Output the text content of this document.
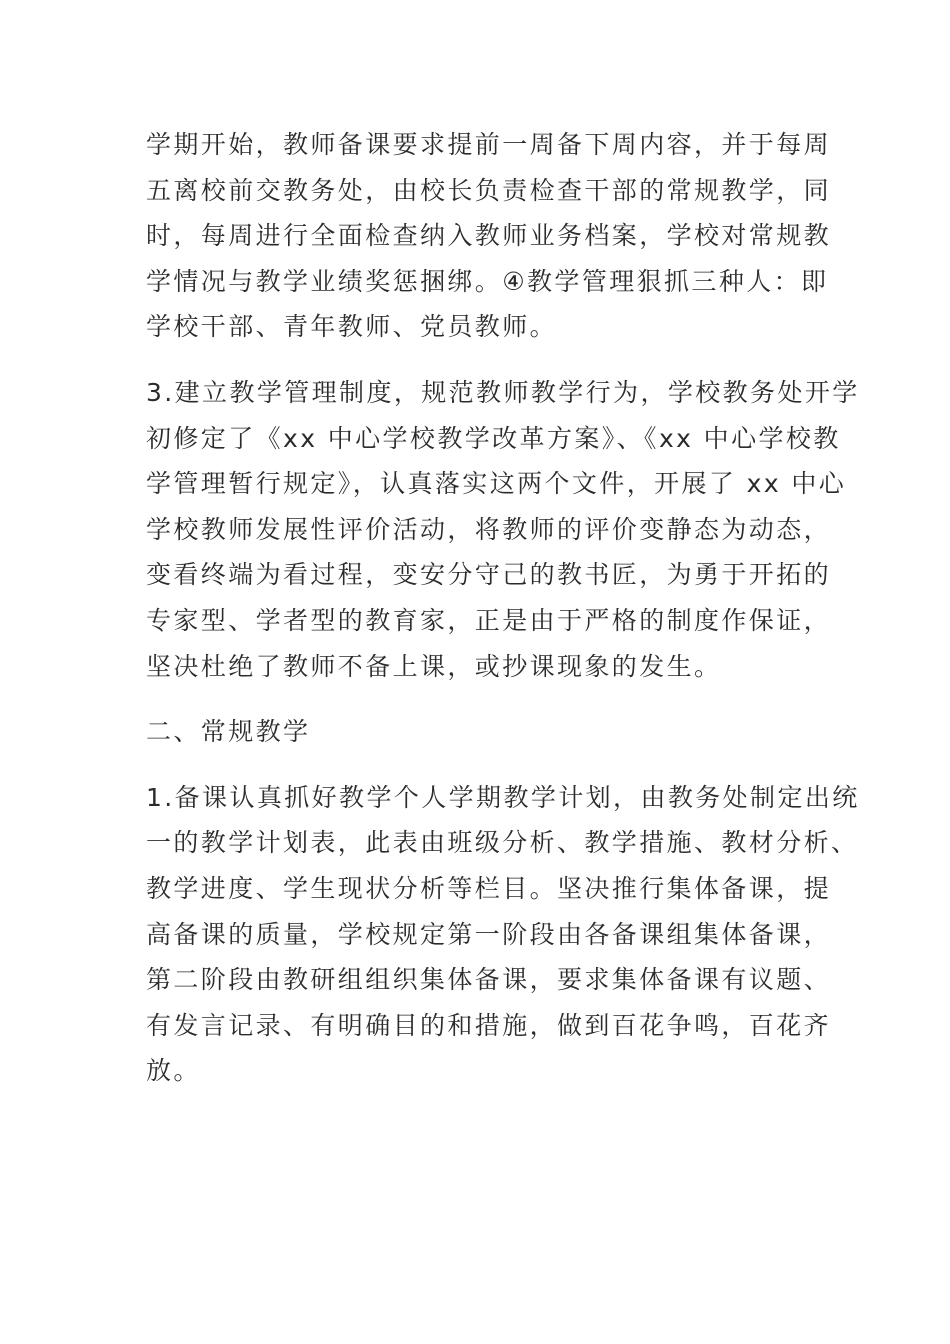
学期开始，教师备课要求提前一周备下周内容，并于每周
五离校前交教务处，由校长负责检查干部的常规教学，同
时，每周进行全面检查纳入教师业务档案，学校对常规教
学情况与教学业绩奖惩捆绑。④教学管理狠抓三种人：即
学校干部、青年教师、党员教师。
3.建立教学管理制度，规范教师教学行为，学校教务处开学
初修定了《xx 中心学校教学改革方案》、《xx 中心学校教
学管理暂行规定》，认真落实这两个文件，开展了 xx 中心
学校教师发展性评价活动，将教师的评价变静态为动态，
变看终端为看过程，变安分守己的教书匠，为勇于开拓的
专家型、学者型的教育家，正是由于严格的制度作保证，
坚决杜绝了教师不备上课，或抄课现象的发生。
二、常规教学
1.备课认真抓好教学个人学期教学计划，由教务处制定出统
一的教学计划表，此表由班级分析、教学措施、教材分析、
教学进度、学生现状分析等栏目。坚决推行集体备课，提
高备课的质量，学校规定第一阶段由各备课组集体备课，
第二阶段由教研组组织集体备课，要求集体备课有议题、
有发言记录、有明确目的和措施，做到百花争鸣，百花齐
放。
